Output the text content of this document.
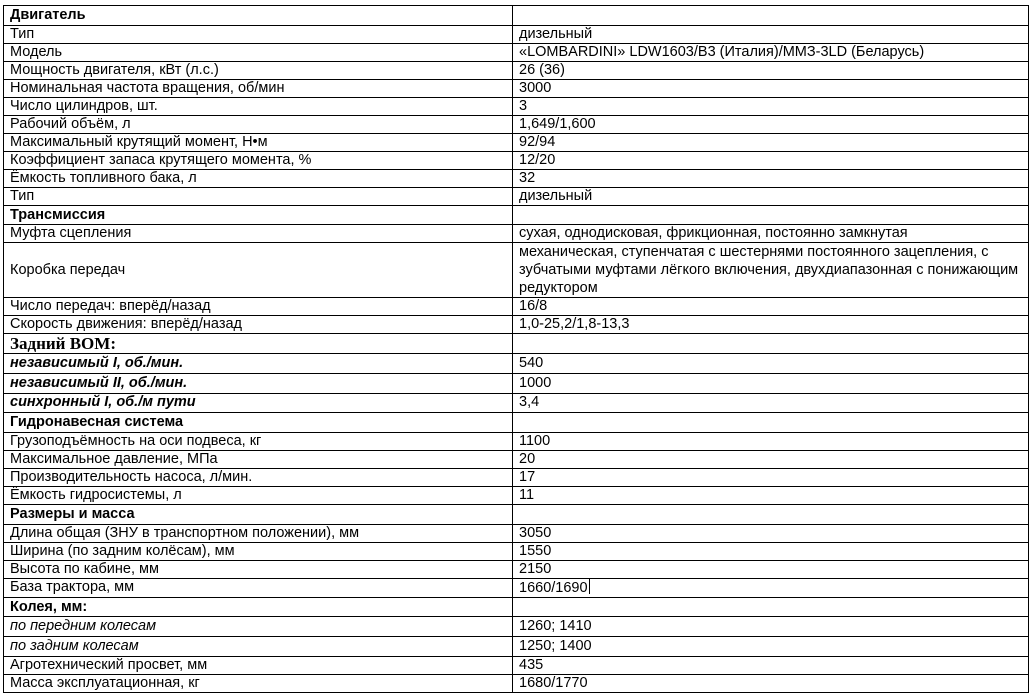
Двигатель	
Тип	дизельный
Модель	«LOMBARDINI» LDW1603/B3 (Италия)/ММЗ-3LD (Беларусь)
Мощность двигателя, кВт (л.с.)	26 (36)
Номинальная частота вращения, об/мин	3000
Число цилиндров, шт.	3
Рабочий объём, л	1,649/1,600
Максимальный крутящий момент, Н•м	92/94
Коэффициент запаса крутящего момента, %	12/20
Ёмкость топливного бака, л	32
Тип	дизельный
Трансмиссия	
Муфта сцепления	сухая, однодисковая, фрикционная, постоянно замкнутая
Коробка передач	механическая, ступенчатая с шестернями постоянного зацепления, с зубчатыми муфтами лёгкого включения, двухдиапазонная с понижающим редуктором
Число передач: вперёд/назад	16/8
Скорость движения: вперёд/назад	1,0-25,2/1,8-13,3
Задний ВОМ:	
независимый I, об./мин.	540
независимый II, об./мин.	1000
синхронный I, об./м пути	3,4
Гидронавесная система	
Грузоподъёмность на оси подвеса, кг	1100
Максимальное давление, МПа	20
Производительность насоса, л/мин.	17
Ёмкость гидросистемы, л	11
Размеры и масса	
Длина общая (ЗНУ в транспортном положении), мм	3050
Ширина (по задним колёсам), мм	1550
Высота по кабине, мм	2150
База трактора, мм	1660/1690
Колея, мм:	
по передним колесам	1260; 1410
по задним колесам	1250; 1400
Агротехнический просвет, мм	435
Масса эксплуатационная, кг	1680/1770
